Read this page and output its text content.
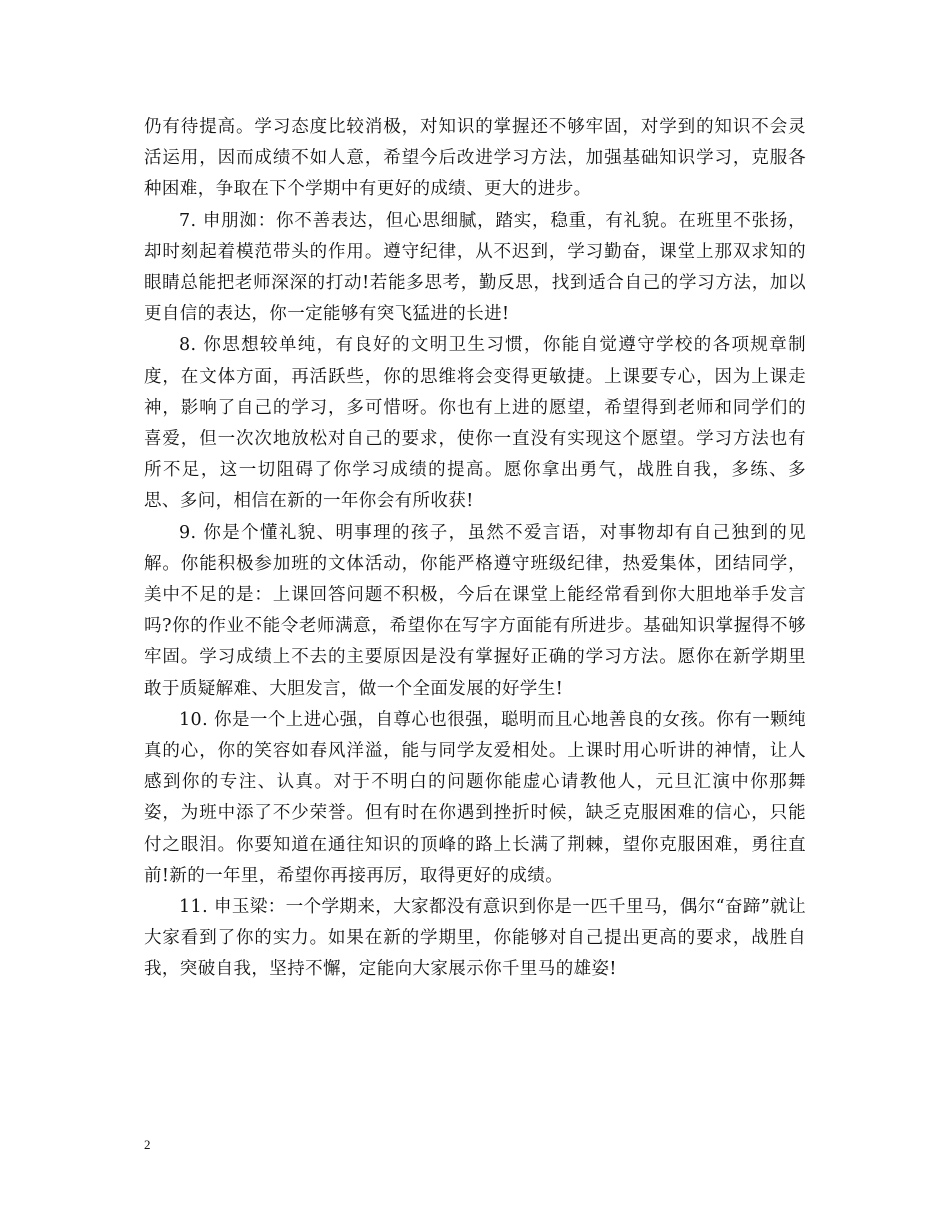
仍有待提高。学习态度比较消极，对知识的掌握还不够牢固，对学到的知识不会灵活运用，因而成绩不如人意，希望今后改进学习方法，加强基础知识学习，克服各种困难，争取在下个学期中有更好的成绩、更大的进步。

7. 申朋洳：你不善表达，但心思细腻，踏实，稳重，有礼貌。在班里不张扬，却时刻起着模范带头的作用。遵守纪律，从不迟到，学习勤奋，课堂上那双求知的眼睛总能把老师深深的打动!若能多思考，勤反思，找到适合自己的学习方法，加以更自信的表达，你一定能够有突飞猛进的长进!

8. 你思想较单纯，有良好的文明卫生习惯，你能自觉遵守学校的各项规章制度，在文体方面，再活跃些，你的思维将会变得更敏捷。上课要专心，因为上课走神，影响了自己的学习，多可惜呀。你也有上进的愿望，希望得到老师和同学们的喜爱，但一次次地放松对自己的要求，使你一直没有实现这个愿望。学习方法也有所不足，这一切阻碍了你学习成绩的提高。愿你拿出勇气，战胜自我，多练、多思、多问，相信在新的一年你会有所收获!

9. 你是个懂礼貌、明事理的孩子，虽然不爱言语，对事物却有自己独到的见解。你能积极参加班的文体活动，你能严格遵守班级纪律，热爱集体，团结同学，美中不足的是：上课回答问题不积极，今后在课堂上能经常看到你大胆地举手发言吗?你的作业不能令老师满意，希望你在写字方面能有所进步。基础知识掌握得不够牢固。学习成绩上不去的主要原因是没有掌握好正确的学习方法。愿你在新学期里敢于质疑解难、大胆发言，做一个全面发展的好学生!

10. 你是一个上进心强，自尊心也很强，聪明而且心地善良的女孩。你有一颗纯真的心，你的笑容如春风洋溢，能与同学友爱相处。上课时用心听讲的神情，让人感到你的专注、认真。对于不明白的问题你能虚心请教他人，元旦汇演中你那舞姿，为班中添了不少荣誉。但有时在你遇到挫折时候，缺乏克服困难的信心，只能付之眼泪。你要知道在通往知识的顶峰的路上长满了荆棘，望你克服困难，勇往直前!新的一年里，希望你再接再厉，取得更好的成绩。

11. 申玉梁：一个学期来，大家都没有意识到你是一匹千里马，偶尔“奋蹄”就让大家看到了你的实力。如果在新的学期里，你能够对自己提出更高的要求，战胜自我，突破自我，坚持不懈，定能向大家展示你千里马的雄姿!

2
